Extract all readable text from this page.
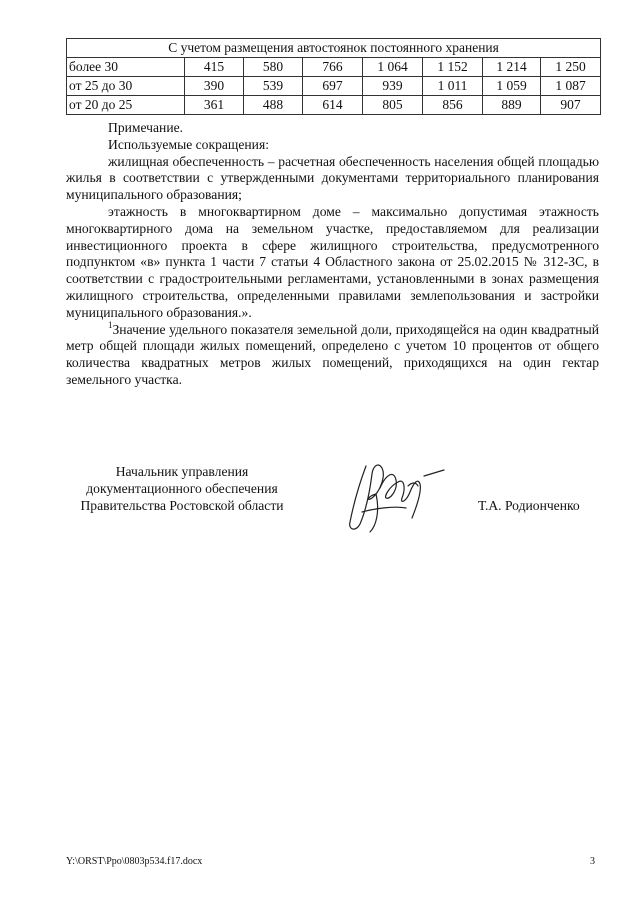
С учетом размещения автостоянок постоянного хранения							
более 30	415	580	766	1 064	1 152	1 214	1 250
от 25 до 30	390	539	697	939	1 011	1 059	1 087
от 20 до 25	361	488	614	805	856	889	907

Примечание.

Используемые сокращения:

жилищная обеспеченность – расчетная обеспеченность населения общей площадью жилья в соответствии с утвержденными документами территориального планирования муниципального образования;

этажность в многоквартирном доме – максимально допустимая этажность многоквартирного дома на земельном участке, предоставляемом для реализации инвестиционного проекта в сфере жилищного строительства, предусмотренного подпунктом «в» пункта 1 части 7 статьи 4 Областного закона от 25.02.2015 № 312-ЗС, в соответствии с градостроительными регламентами, установленными в зонах размещения жилищного строительства, определенными правилами землепользования и застройки муниципального образования.».

$^1$Значение удельного показателя земельной доли, приходящейся на один квадратный метр общей площади жилых помещений, определено с учетом 10 процентов от общего количества квадратных метров жилых помещений, приходящихся на один гектар земельного участка.

Начальник управления
документационного обеспечения
Правительства Ростовской области	Т.А. Родионченко
Y:\ORST\Ppo\0803p534.f17.docx	3
